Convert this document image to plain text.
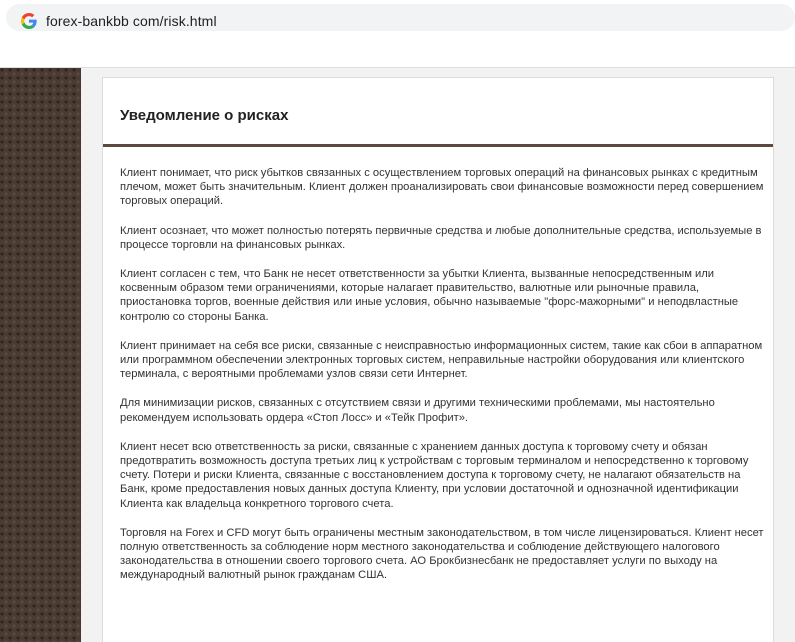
forex-bankbb com/risk.html
Уведомление о рисках

Клиент понимает, что риск убытков связанных с осуществлением торговых операций на финансовых рынках с кредитным плечом, может быть значительным. Клиент должен проанализировать свои финансовые возможности перед совершением торговых операций.

Клиент осознает, что может полностью потерять первичные средства и любые дополнительные средства, используемые в процессе торговли на финансовых рынках.

Клиент согласен с тем, что Банк не несет ответственности за убытки Клиента, вызванные непосредственным или косвенным образом теми ограничениями, которые налагает правительство, валютные или рыночные правила, приостановка торгов, военные действия или иные условия, обычно называемые "форс-мажорными" и неподвластные контролю со стороны Банка.

Клиент принимает на себя все риски, связанные с неисправностью информационных систем, такие как сбои в аппаратном или программном обеспечении электронных торговых систем, неправильные настройки оборудования или клиентского терминала, с вероятными проблемами узлов связи сети Интернет.

Для минимизации рисков, связанных с отсутствием связи и другими техническими проблемами, мы настоятельно рекомендуем использовать ордера «Стоп Лосс» и «Тейк Профит».

Клиент несет всю ответственность за риски, связанные с хранением данных доступа к торговому счету и обязан предотвратить возможность доступа третьих лиц к устройствам с торговым терминалом и непосредственно к торговому счету. Потери и риски Клиента, связанные с восстановлением доступа к торговому счету, не налагают обязательств на Банк, кроме предоставления новых данных доступа Клиенту, при условии достаточной и однозначной идентификации Клиента как владельца конкретного торгового счета.

Торговля на Forex и CFD могут быть ограничены местным законодательством, в том числе лицензироваться. Клиент несет полную ответственность за соблюдение норм местного законодательства и соблюдение действующего налогового законодательства в отношении своего торгового счета. АО Брокбизнесбанк не предоставляет услуги по выходу на международный валютный рынок гражданам США.
